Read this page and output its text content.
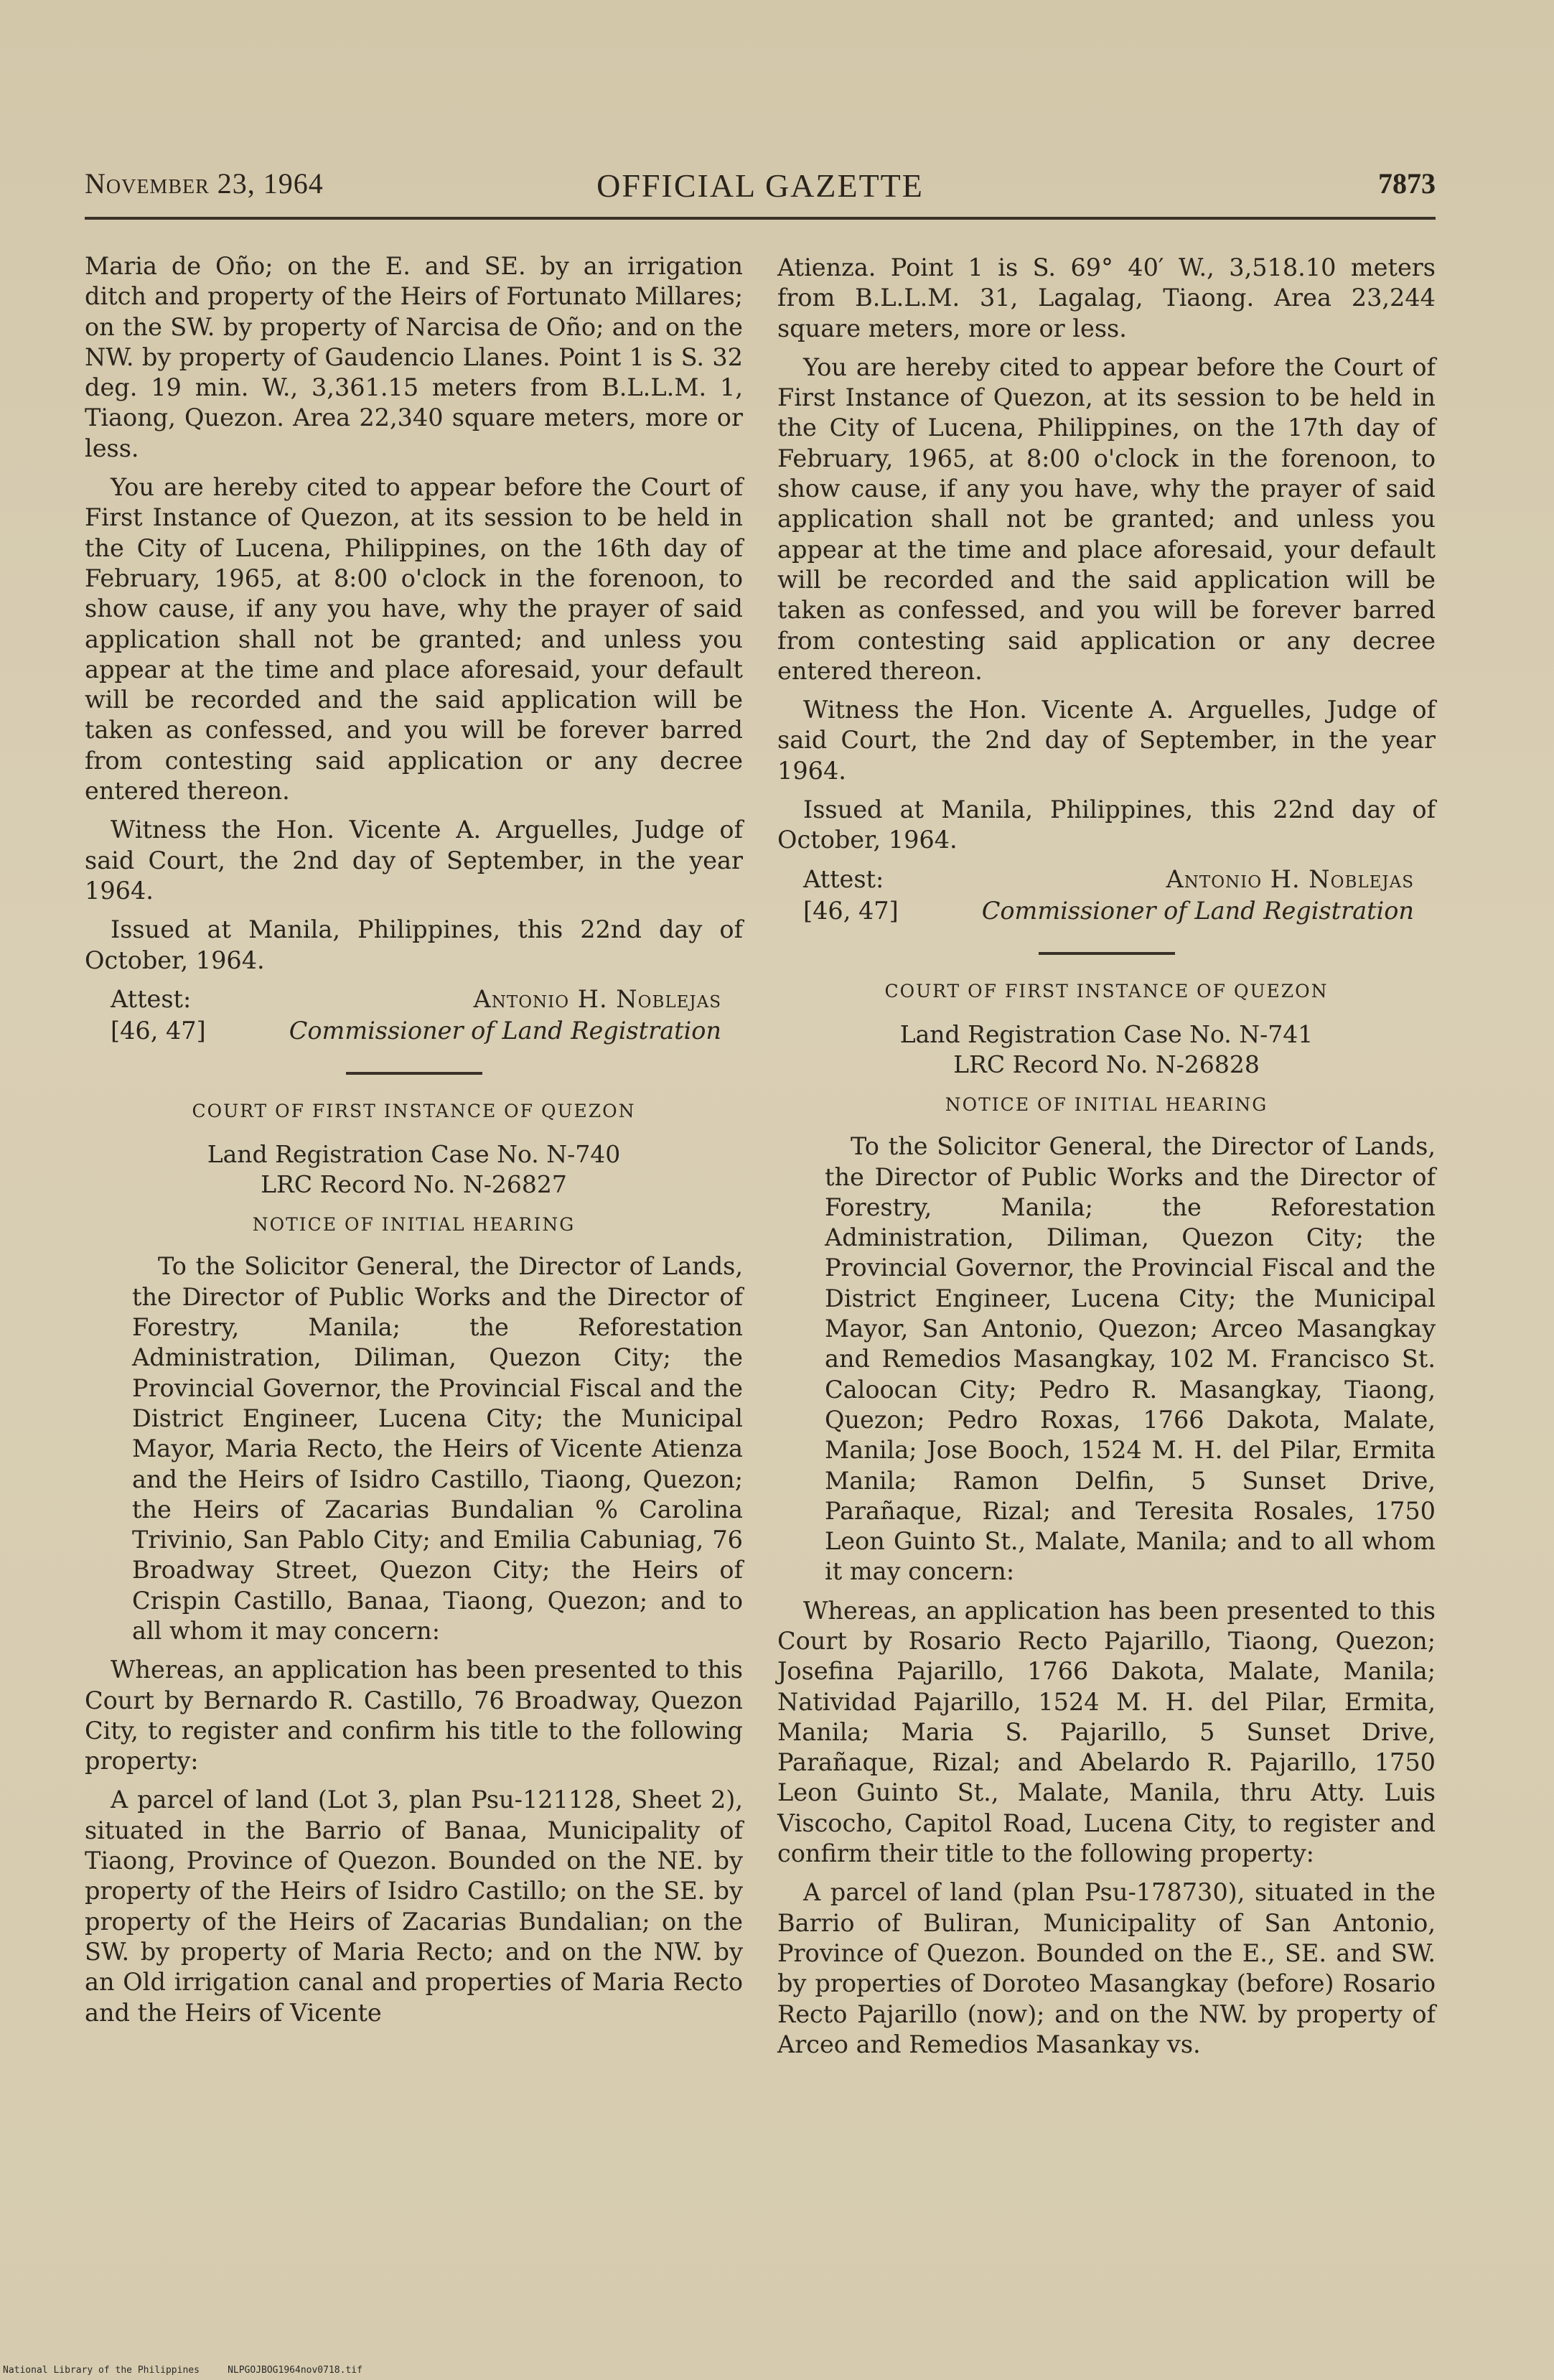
November 23, 1964	OFFICIAL GAZETTE	7873

Maria de Oño; on the E. and SE. by an irrigation ditch and property of the Heirs of Fortunato Millares; on the SW. by property of Narcisa de Oño; and on the NW. by property of Gaudencio Llanes. Point 1 is S. 32 deg. 19 min. W., 3,361.15 meters from B.L.L.M. 1, Tiaong, Quezon. Area 22,340 square meters, more or less.

You are hereby cited to appear before the Court of First Instance of Quezon, at its session to be held in the City of Lucena, Philippines, on the 16th day of February, 1965, at 8:00 o'clock in the forenoon, to show cause, if any you have, why the prayer of said application shall not be granted; and unless you appear at the time and place aforesaid, your default will be recorded and the said application will be taken as confessed, and you will be forever barred from contesting said application or any decree entered thereon.

Witness the Hon. Vicente A. Arguelles, Judge of said Court, the 2nd day of September, in the year 1964.

Issued at Manila, Philippines, this 22nd day of October, 1964.

Attest:	Antonio H. Noblejas
[46, 47]	Commissioner of Land Registration
COURT OF FIRST INSTANCE OF QUEZON
Land Registration Case No. N-740
LRC Record No. N-26827
NOTICE OF INITIAL HEARING

To the Solicitor General, the Director of Lands, the Director of Public Works and the Director of Forestry, Manila; the Reforestation Administration, Diliman, Quezon City; the Provincial Governor, the Provincial Fiscal and the District Engineer, Lucena City; the Municipal Mayor, Maria Recto, the Heirs of Vicente Atienza and the Heirs of Isidro Castillo, Tiaong, Quezon; the Heirs of Zacarias Bundalian % Carolina Trivinio, San Pablo City; and Emilia Cabuniag, 76 Broadway Street, Quezon City; the Heirs of Crispin Castillo, Banaa, Tiaong, Quezon; and to all whom it may concern:

Whereas, an application has been presented to this Court by Bernardo R. Castillo, 76 Broadway, Quezon City, to register and confirm his title to the following property:

A parcel of land (Lot 3, plan Psu-121128, Sheet 2), situated in the Barrio of Banaa, Municipality of Tiaong, Province of Quezon. Bounded on the NE. by property of the Heirs of Isidro Castillo; on the SE. by property of the Heirs of Zacarias Bundalian; on the SW. by property of Maria Recto; and on the NW. by an Old irrigation canal and properties of Maria Recto and the Heirs of Vicente

Atienza. Point 1 is S. 69° 40′ W., 3,518.10 meters from B.L.L.M. 31, Lagalag, Tiaong. Area 23,244 square meters, more or less.

You are hereby cited to appear before the Court of First Instance of Quezon, at its session to be held in the City of Lucena, Philippines, on the 17th day of February, 1965, at 8:00 o'clock in the forenoon, to show cause, if any you have, why the prayer of said application shall not be granted; and unless you appear at the time and place aforesaid, your default will be recorded and the said application will be taken as confessed, and you will be forever barred from contesting said application or any decree entered thereon.

Witness the Hon. Vicente A. Arguelles, Judge of said Court, the 2nd day of September, in the year 1964.

Issued at Manila, Philippines, this 22nd day of October, 1964.

Attest:	Antonio H. Noblejas
[46, 47]	Commissioner of Land Registration
COURT OF FIRST INSTANCE OF QUEZON
Land Registration Case No. N-741
LRC Record No. N-26828
NOTICE OF INITIAL HEARING

To the Solicitor General, the Director of Lands, the Director of Public Works and the Director of Forestry, Manila; the Reforestation Administration, Diliman, Quezon City; the Provincial Governor, the Provincial Fiscal and the District Engineer, Lucena City; the Municipal Mayor, San Antonio, Quezon; Arceo Masangkay and Remedios Masangkay, 102 M. Francisco St. Caloocan City; Pedro R. Masangkay, Tiaong, Quezon; Pedro Roxas, 1766 Dakota, Malate, Manila; Jose Booch, 1524 M. H. del Pilar, Ermita Manila; Ramon Delfin, 5 Sunset Drive, Parañaque, Rizal; and Teresita Rosales, 1750 Leon Guinto St., Malate, Manila; and to all whom it may concern:

Whereas, an application has been presented to this Court by Rosario Recto Pajarillo, Tiaong, Quezon; Josefina Pajarillo, 1766 Dakota, Malate, Manila; Natividad Pajarillo, 1524 M. H. del Pilar, Ermita, Manila; Maria S. Pajarillo, 5 Sunset Drive, Parañaque, Rizal; and Abelardo R. Pajarillo, 1750 Leon Guinto St., Malate, Manila, thru Atty. Luis Viscocho, Capitol Road, Lucena City, to register and confirm their title to the following property:

A parcel of land (plan Psu-178730), situated in the Barrio of Buliran, Municipality of San Antonio, Province of Quezon. Bounded on the E., SE. and SW. by properties of Doroteo Masangkay (before) Rosario Recto Pajarillo (now); and on the NW. by property of Arceo and Remedios Masankay vs.

National Library of the Philippines     NLPGOJBOG1964nov0718.tif
